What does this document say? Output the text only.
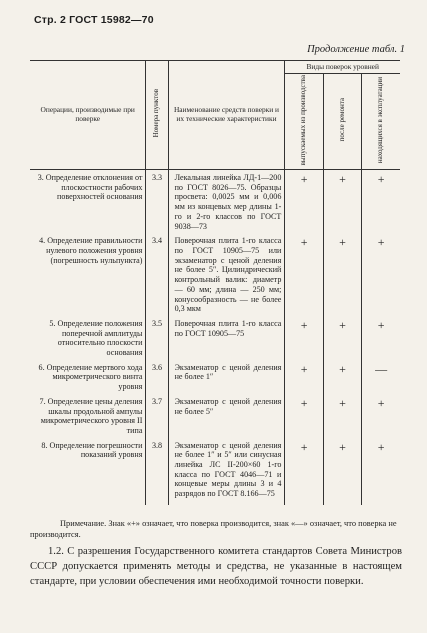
Стр. 2 ГОСТ 15982—70
Продолжение табл. 1
Операции, производимые при поверке	Номера пунктов	Наименование средств поверки и их технические характеристики	Виды поверок уровней		
			выпускаемых из производства	после ремонта	находящихся в эксплуатации
3. Определение отклонения от плоскостности рабочих поверхностей основания	3.3	Лекальная линейка ЛД-1—200 по ГОСТ 8026—75. Образцы просвета: 0,0025 мм и 0,006 мм из концевых мер длины 1-го и 2-го классов по ГОСТ 9038—73	+	+	+
4. Определение правильности нулевого положения уровня (погрешность нульпункта)	3.4	Поверочная плита 1-го класса по ГОСТ 10905—75 или экзаменатор с ценой деления не более 5″. Цилиндрический контрольный валик: диаметр — 60 мм; длина — 250 мм; конусообразность — не более 0,3 мкм	+	+	+
5. Определение положения поперечной амплитуды относительно плоскости основания	3.5	Поверочная плита 1-го класса по ГОСТ 10905—75	+	+	+
6. Определение мертвого хода микрометрического винта уровня	3.6	Экзаменатор с ценой деления не более 1″	+	+	—
7. Определение цены деления шкалы продольной ампулы микрометрического уровня II типа	3.7	Экзаменатор с ценой деления не более 5″	+	+	+
8. Определение погрешности показаний уровня	3.8	Экзаменатор с ценой деления не более 1″ и 5″ или синусная линейка ЛС II-200×60 1-го класса по ГОСТ 4046—71 и концевые меры длины 3 и 4 разрядов по ГОСТ 8.166—75	+	+	+
Примечание. Знак «+» означает, что поверка производится, знак «—» означает, что поверка не производится.
1.2. С разрешения Государственного комитета стандартов Совета Министров СССР допускается применять методы и средства, не указанные в настоящем стандарте, при условии обеспечения ими необходимой точности поверки.
